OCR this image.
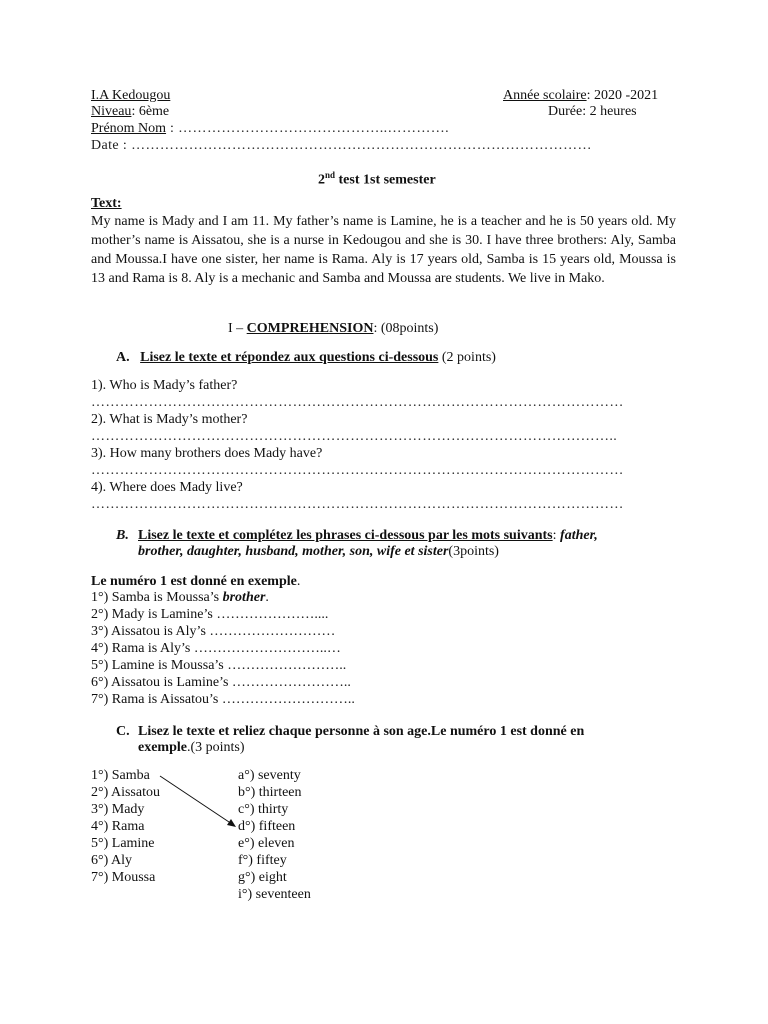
I.A Kedougou	Année scolaire: 2020 -2021
Niveau: 6ème	Durée: 2 heures
Prénom Nom : ……………………………………..………….
Date : ……………………………………………………………………………………
2nd test 1st semester
Text:
My name is Mady and I am 11. My father’s name is Lamine, he is a teacher and he is 50 years old. My mother’s name is Aissatou, she is a nurse in Kedougou and she is 30. I have three brothers: Aly, Samba and Moussa.I have one sister, her name is Rama. Aly is 17 years old, Samba is 15 years old, Moussa is 13 and Rama is 8. Aly is a mechanic and Samba and Moussa are students. We live in Mako.
I – COMPREHENSION: (08points)
A. Lisez le texte et répondez aux questions ci-dessous (2 points)
1). Who is Mady’s father?
…………………………………………………………………………………………………
2). What is Mady’s mother?
………………………………………………………………………………………………..
3). How many brothers does Mady have?
…………………………………………………………………………………………………
4). Where does Mady live?
…………………………………………………………………………………………………
B. Lisez le texte et complétez les phrases ci-dessous par les mots suivants: father,
brother, daughter, husband, mother, son, wife et sister(3points)
Le numéro 1 est donné en exemple.
1°) Samba is Moussa’s brother.
2°) Mady is Lamine’s …………………....
3°) Aissatou is Aly’s ………………………
4°) Rama is Aly’s ………………………..…
5°) Lamine is Moussa’s ……………………..
6°) Aissatou is Lamine’s ……………………..
7°) Rama is Aissatou’s ………………………..
C. Lisez le texte et reliez chaque personne à son age.Le numéro 1 est donné en
exemple.(3 points)
1°) Samba
2°) Aissatou
3°) Mady
4°) Rama
5°) Lamine
6°) Aly
7°) Moussa
a°) seventy
b°) thirteen
c°) thirty
d°) fifteen
e°) eleven
f°) fiftey
g°) eight
i°) seventeen
